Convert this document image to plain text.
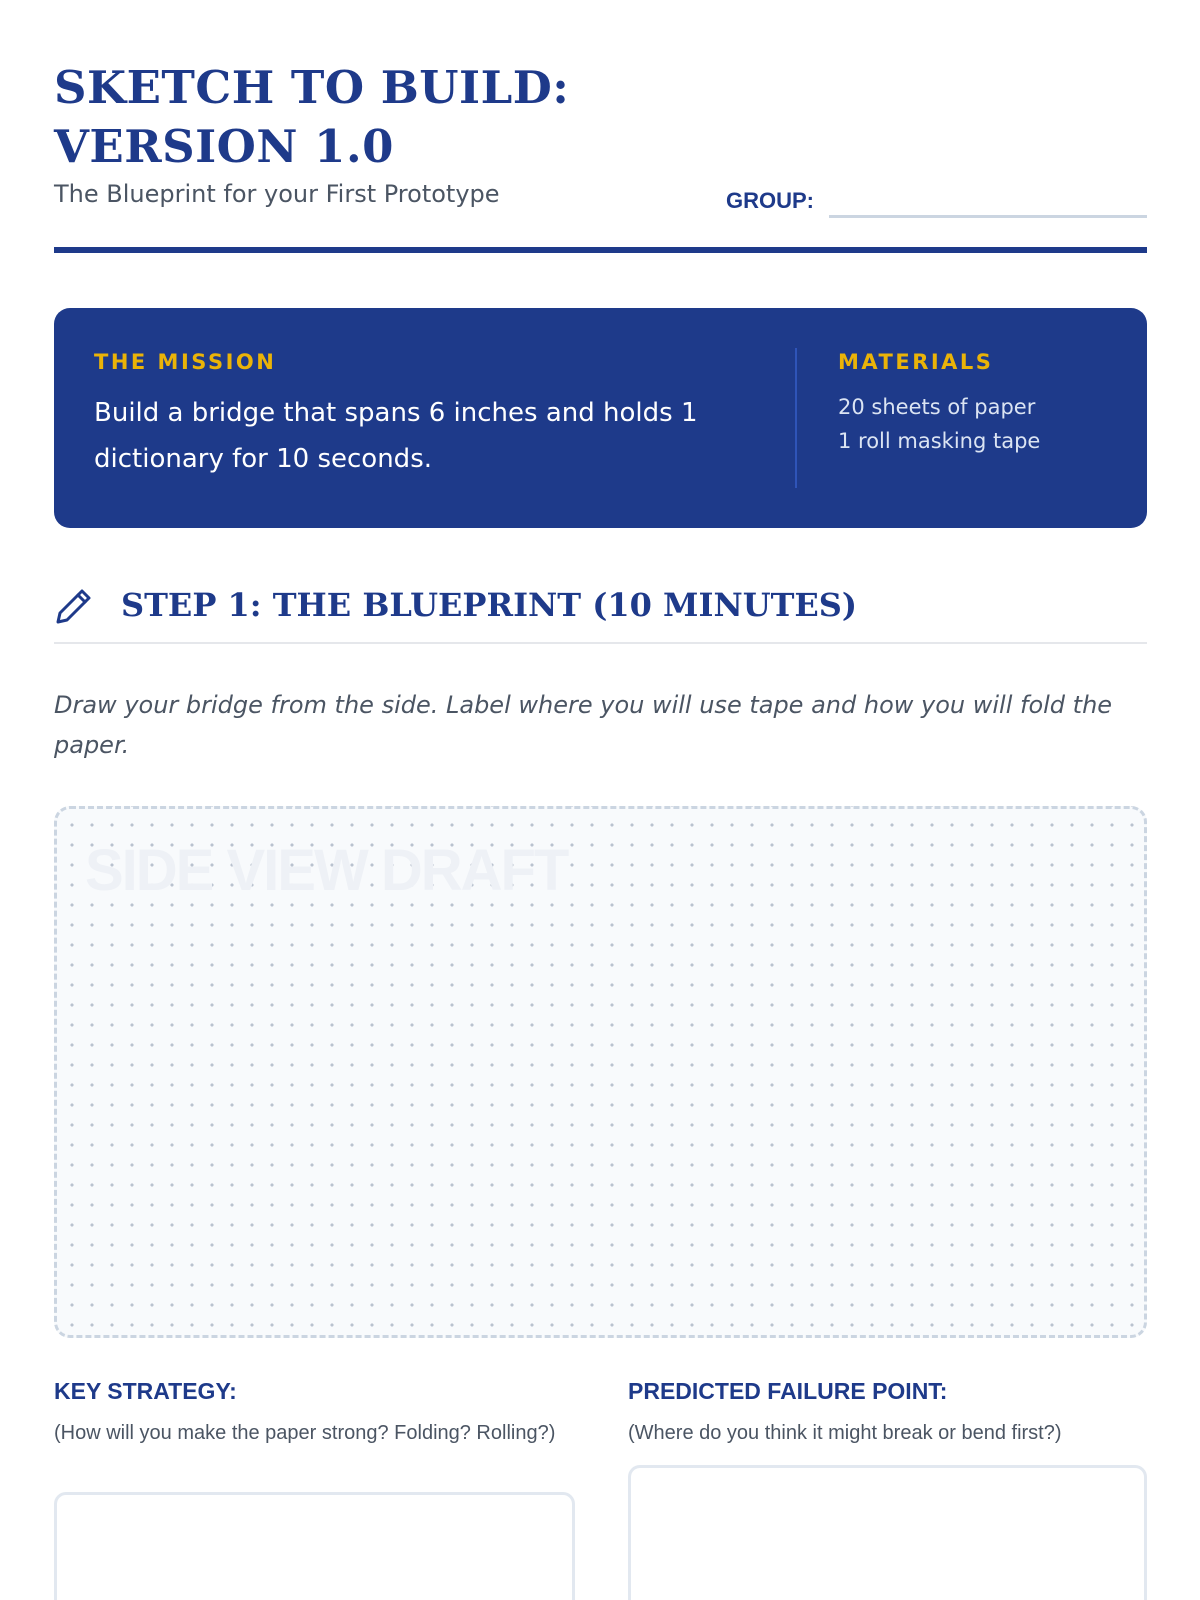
SKETCH TO BUILD:
VERSION 1.0
The Blueprint for your First Prototype	GROUP:
THE MISSION
Build a bridge that spans 6 inches and holds 1 dictionary for 10 seconds.
MATERIALS
20 sheets of paper
1 roll masking tape
STEP 1: THE BLUEPRINT (10 MINUTES)
Draw your bridge from the side. Label where you will use tape and how you will fold the paper.
SIDE VIEW DRAFT
KEY STRATEGY:
(How will you make the paper strong? Folding? Rolling?)
PREDICTED FAILURE POINT:
(Where do you think it might break or bend first?)
